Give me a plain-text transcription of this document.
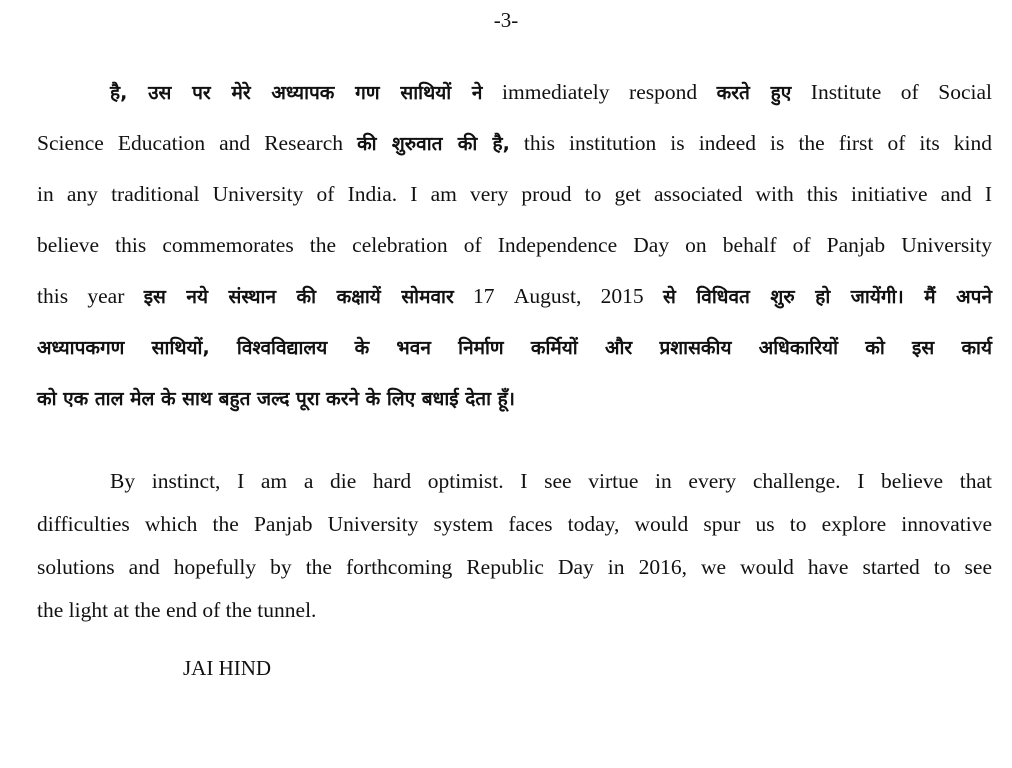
-3-
है, उस पर मेरे अध्यापक गण साथियों ने immediately respond करते हुए Institute of Social
Science Education and Research की शुरुवात की है, this institution is indeed is the first of its kind
in any traditional University of India. I am very proud to get associated with this initiative and I
believe this commemorates the celebration of Independence Day on behalf of Panjab University
this year इस नये संस्थान की कक्षायें सोमवार 17 August, 2015 से विधिवत शुरु हो जायेंगी। मैं अपने
अध्यापकगण साथियों, विश्वविद्यालय के भवन निर्माण कर्मियों और प्रशासकीय अधिकारियों को इस कार्य
को एक ताल मेल के साथ बहुत जल्द पूरा करने के लिए बधाई देता हूँ।
By instinct, I am a die hard optimist. I see virtue in every challenge. I believe that
difficulties which the Panjab University system faces today, would spur us to explore innovative
solutions and hopefully by the forthcoming Republic Day in 2016, we would have started to see
the light at the end of the tunnel.

JAI HIND
